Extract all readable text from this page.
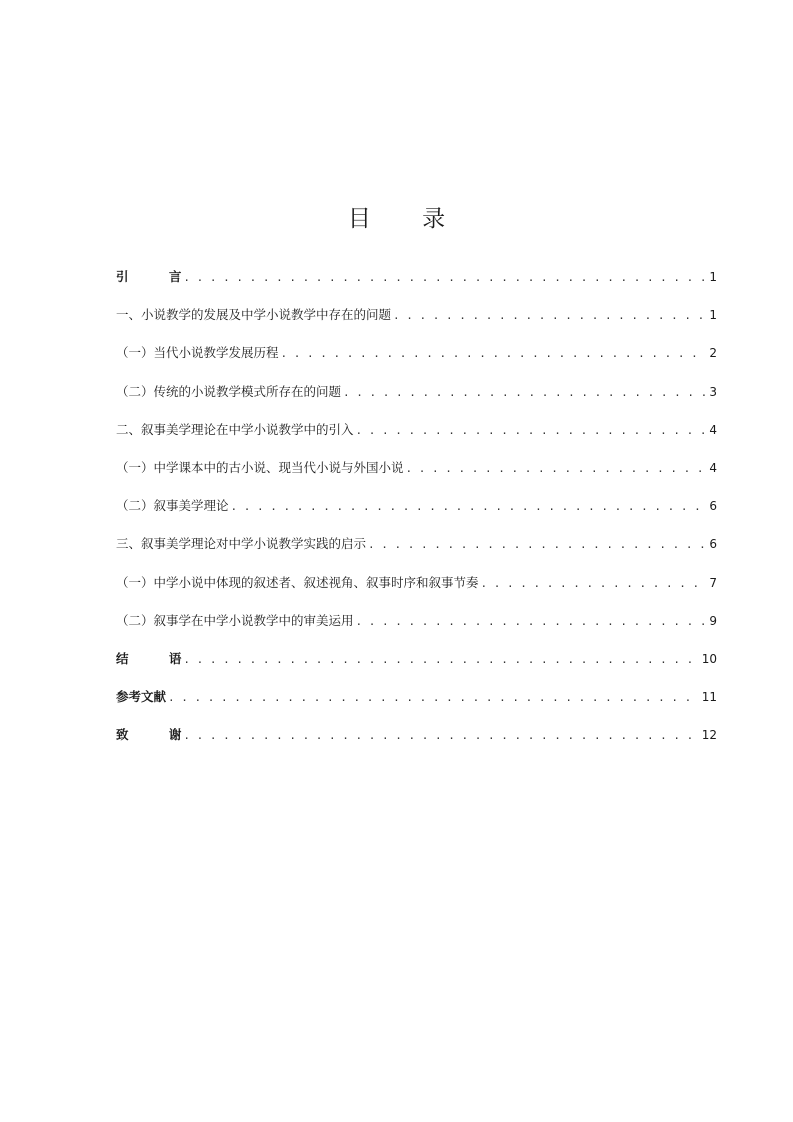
目 录
引 言 . . .	1
一、小说教学的发展及中学小说教学中存在的问题 . . .	1
（一）当代小说教学发展历程 . . .	2
（二）传统的小说教学模式所存在的问题 . . .	3
二、叙事美学理论在中学小说教学中的引入 . . .	4
（一）中学课本中的古小说、现当代小说与外国小说 . . .	4
（二）叙事美学理论 . . .	6
三、叙事美学理论对中学小说教学实践的启示 . . .	6
（一）中学小说中体现的叙述者、叙述视角、叙事时序和叙事节奏 . . .	7
（二）叙事学在中学小说教学中的审美运用 . . .	9
结 语 . . .	10
参考文献 . . .	11
致 谢 . . .	12
